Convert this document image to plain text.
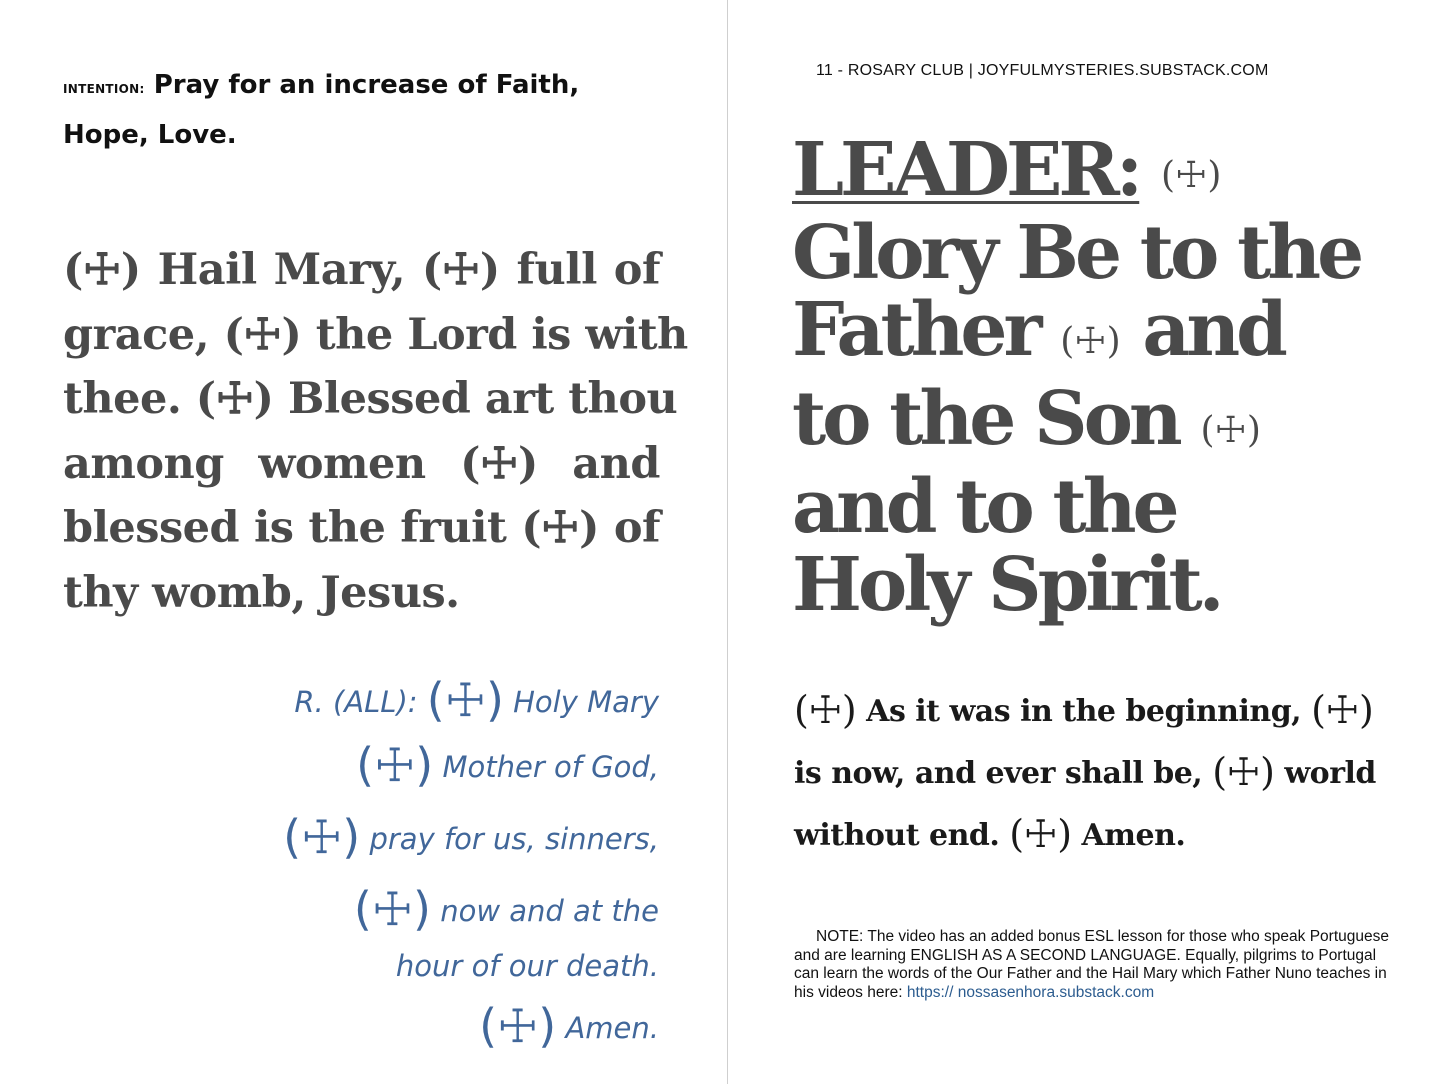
INTENTION: Pray for an increase of Faith,
Hope, Love.
(☩) Hail Mary, (☩) full of
grace, (☩) the Lord is with
thee. (☩) Blessed art thou
among women (☩) and
blessed is the fruit (☩) of
thy womb, Jesus.
R. (ALL): (☩) Holy Mary
(☩) Mother of God,
(☩) pray for us, sinners,
(☩) now and at the
hour of our death.
(☩) Amen.
11 - ROSARY CLUB | JOYFULMYSTERIES.SUBSTACK.COM
LEADER: (☩)
Glory Be to the
Father (☩) and
to the Son (☩)
and to the
Holy Spirit.
(☩) As it was in the beginning, (☩)
is now, and ever shall be, (☩) world
without end. (☩) Amen.
NOTE: The video has an added bonus ESL lesson for those who speak Portuguese and are learning ENGLISH AS A SECOND LANGUAGE. Equally, pilgrims to Portugal can learn the words of the Our Father and the Hail Mary which Father Nuno teaches in his videos here: https:// nossasenhora.substack.com
